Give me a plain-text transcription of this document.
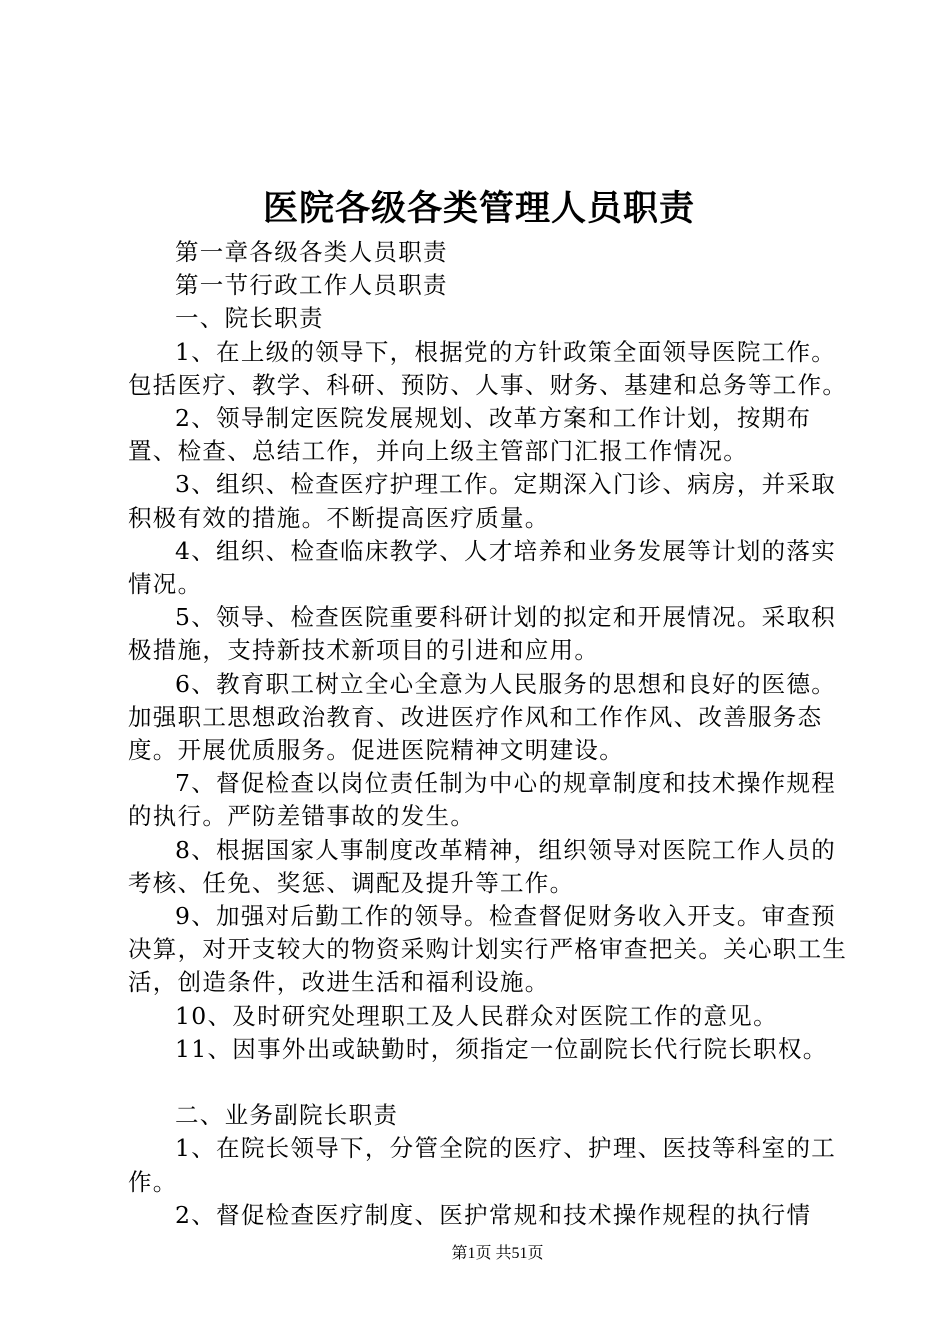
医院各级各类管理人员职责

第一章各级各类人员职责

第一节行政工作人员职责

一、院长职责

1、在上级的领导下，根据党的方针政策全面领导医院工作。包括医疗、教学、科研、预防、人事、财务、基建和总务等工作。

2、领导制定医院发展规划、改革方案和工作计划，按期布置、检查、总结工作，并向上级主管部门汇报工作情况。

3、组织、检查医疗护理工作。定期深入门诊、病房，并采取积极有效的措施。不断提高医疗质量。

4、组织、检查临床教学、人才培养和业务发展等计划的落实情况。

5、领导、检查医院重要科研计划的拟定和开展情况。采取积极措施，支持新技术新项目的引进和应用。

6、教育职工树立全心全意为人民服务的思想和良好的医德。加强职工思想政治教育、改进医疗作风和工作作风、改善服务态度。开展优质服务。促进医院精神文明建设。

7、督促检查以岗位责任制为中心的规章制度和技术操作规程的执行。严防差错事故的发生。

8、根据国家人事制度改革精神，组织领导对医院工作人员的考核、任免、奖惩、调配及提升等工作。

9、加强对后勤工作的领导。检查督促财务收入开支。审查预决算，对开支较大的物资采购计划实行严格审查把关。关心职工生活，创造条件，改进生活和福利设施。

10、及时研究处理职工及人民群众对医院工作的意见。

11、因事外出或缺勤时，须指定一位副院长代行院长职权。

二、业务副院长职责

1、在院长领导下，分管全院的医疗、护理、医技等科室的工作。

2、督促检查医疗制度、医护常规和技术操作规程的执行情

第1页 共51页
